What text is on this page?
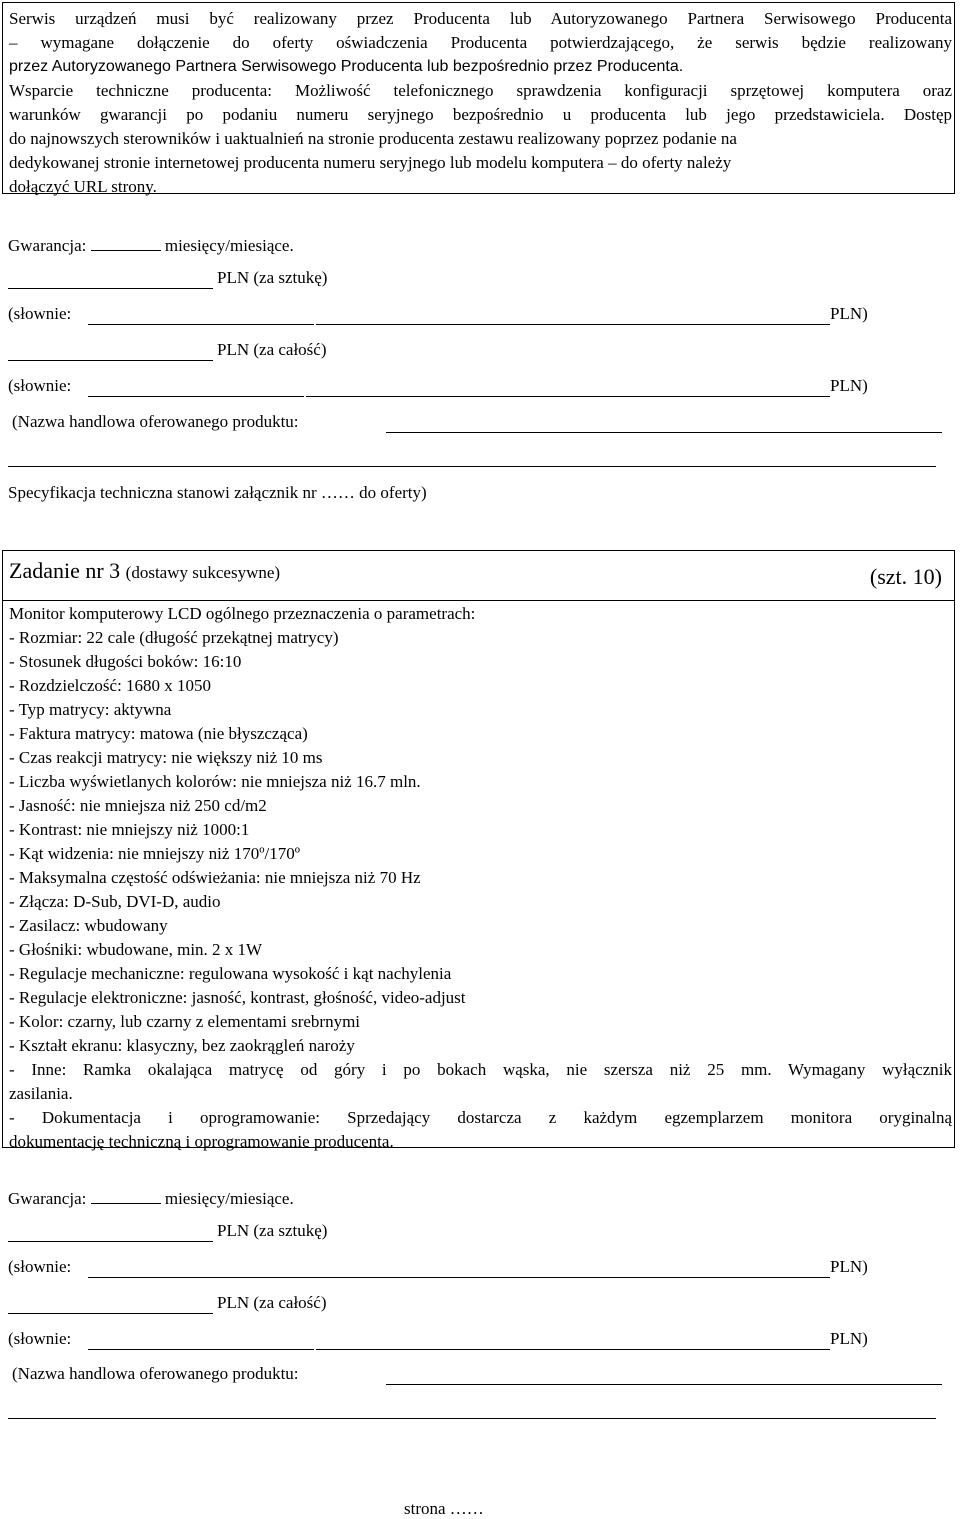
Serwis urządzeń musi być realizowany przez Producenta lub Autoryzowanego Partnera Serwisowego Producenta
– wymagane dołączenie do oferty oświadczenia Producenta potwierdzającego, że serwis będzie realizowany
przez Autoryzowanego Partnera Serwisowego Producenta lub bezpośrednio przez Producenta.
Wsparcie techniczne producenta: Możliwość telefonicznego sprawdzenia konfiguracji sprzętowej komputera oraz
warunków gwarancji po podaniu numeru seryjnego bezpośrednio u producenta lub jego przedstawiciela. Dostęp
do najnowszych sterowników i uaktualnień na stronie producenta zestawu realizowany poprzez podanie na
dedykowanej stronie internetowej producenta numeru seryjnego lub modelu komputera – do oferty należy
dołączyć URL strony.
Gwarancja:	miesięcy/miesiące.
PLN (za sztukę)
(słownie:	PLN)
PLN (za całość)
(słownie:	PLN)
(Nazwa handlowa oferowanego produktu:
Specyfikacja techniczna stanowi załącznik nr …… do oferty)
Zadanie nr 3 (dostawy sukcesywne)	(szt. 10)
Monitor komputerowy LCD ogólnego przeznaczenia o parametrach:
- Rozmiar: 22 cale (długość przekątnej matrycy)
- Stosunek długości boków: 16:10
- Rozdzielczość: 1680 x 1050
- Typ matrycy: aktywna
- Faktura matrycy: matowa (nie błyszcząca)
- Czas reakcji matrycy: nie większy niż 10 ms
- Liczba wyświetlanych kolorów: nie mniejsza niż 16.7 mln.
- Jasność: nie mniejsza niż 250 cd/m2
- Kontrast: nie mniejszy niż 1000:1
- Kąt widzenia: nie mniejszy niż 170º/170º
- Maksymalna częstość odświeżania: nie mniejsza niż 70 Hz
- Złącza: D-Sub, DVI-D, audio
- Zasilacz: wbudowany
- Głośniki: wbudowane, min. 2 x 1W
- Regulacje mechaniczne: regulowana wysokość i kąt nachylenia
- Regulacje elektroniczne: jasność, kontrast, głośność, video-adjust
- Kolor: czarny, lub czarny z elementami srebrnymi
- Kształt ekranu: klasyczny, bez zaokrągleń naroży
- Inne: Ramka okalająca matrycę od góry i po bokach wąska, nie szersza niż 25 mm. Wymagany wyłącznik
zasilania.
- Dokumentacja i oprogramowanie: Sprzedający dostarcza z każdym egzemplarzem monitora oryginalną
dokumentację techniczną i oprogramowanie producenta.
Gwarancja:	miesięcy/miesiące.
PLN (za sztukę)
(słownie:	PLN)
PLN (za całość)
(słownie:	PLN)
(Nazwa handlowa oferowanego produktu:
strona ……
